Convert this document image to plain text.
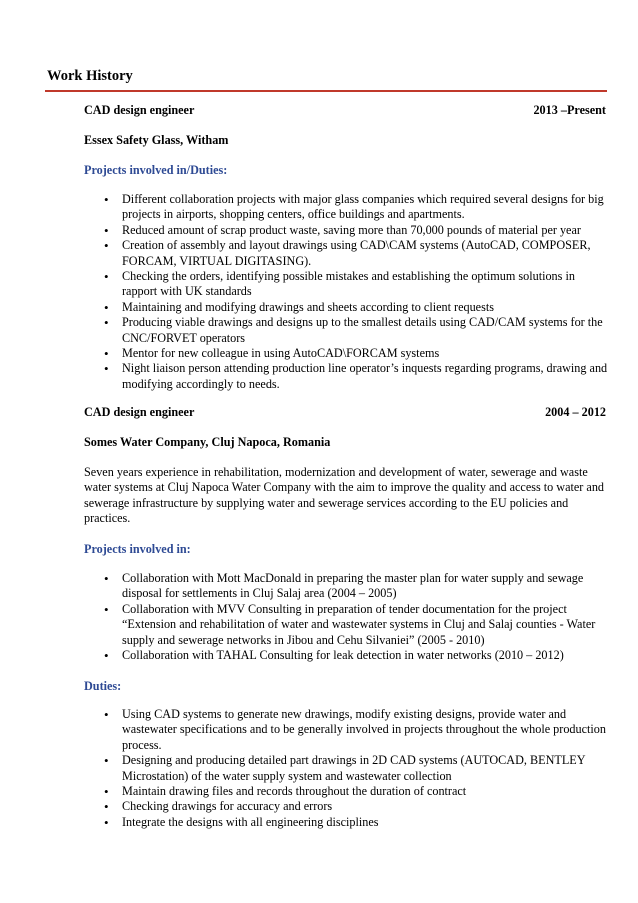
Work History
CAD design engineer	2013 –Present
Essex Safety Glass, Witham
Projects involved in/Duties:
• Different collaboration projects with major glass companies which required several designs for big projects in airports, shopping centers, office buildings and apartments.
• Reduced amount of scrap product waste, saving more than 70,000 pounds of material per year
• Creation of assembly and layout drawings using CAD\CAM systems (AutoCAD, COMPOSER, FORCAM, VIRTUAL DIGITASING).
• Checking the orders, identifying possible mistakes and establishing the optimum solutions in rapport with UK standards
• Maintaining and modifying drawings and sheets according to client requests
• Producing viable drawings and designs up to the smallest details using CAD/CAM systems for the CNC/FORVET operators
• Mentor for new colleague in using AutoCAD\FORCAM systems
• Night liaison person attending production line operator’s inquests regarding programs, drawing and modifying accordingly to needs.
CAD design engineer	2004 – 2012
Somes Water Company, Cluj Napoca, Romania
Seven years experience in rehabilitation, modernization and development of water, sewerage and waste water systems at Cluj Napoca Water Company with the aim to improve the quality and access to water and sewerage infrastructure by supplying water and sewerage services according to the EU policies and practices.
Projects involved in:
• Collaboration with Mott MacDonald in preparing the master plan for water supply and sewage disposal for settlements in Cluj Salaj area (2004 – 2005)
• Collaboration with MVV Consulting in preparation of tender documentation for the project “Extension and rehabilitation of water and wastewater systems in Cluj and Salaj counties - Water supply and sewerage networks in Jibou and Cehu Silvaniei” (2005 - 2010)
• Collaboration with TAHAL Consulting for leak detection in water networks (2010 – 2012)
Duties:
• Using CAD systems to generate new drawings, modify existing designs, provide water and wastewater specifications and to be generally involved in projects throughout the whole production process.
• Designing and producing detailed part drawings in 2D CAD systems (AUTOCAD, BENTLEY Microstation) of the water supply system and wastewater collection
• Maintain drawing files and records throughout the duration of contract
• Checking drawings for accuracy and errors
• Integrate the designs with all engineering disciplines
